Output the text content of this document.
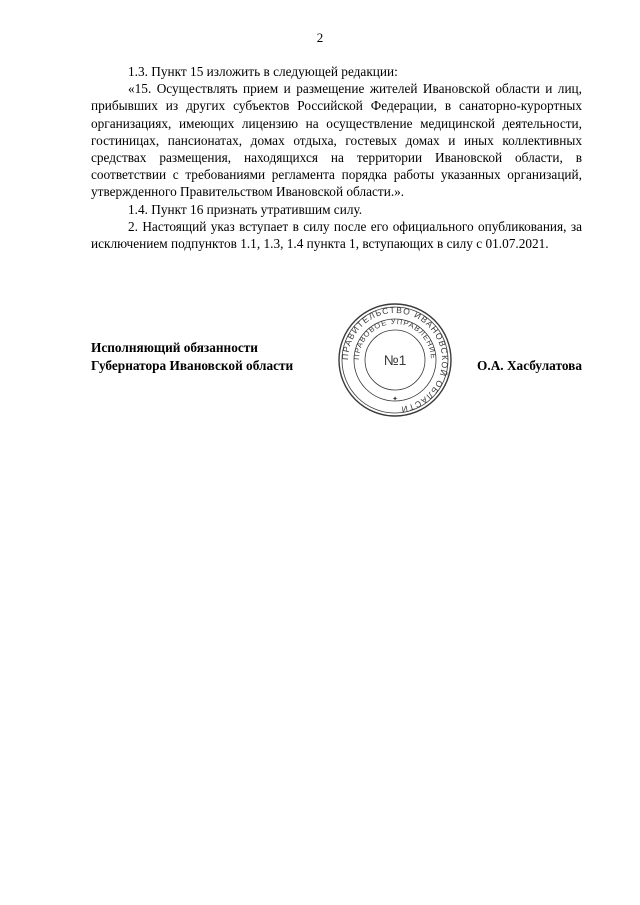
2

1.3. Пункт 15 изложить в следующей редакции:

«15. Осуществлять прием и размещение жителей Ивановской области и лиц, прибывших из других субъектов Российской Федерации, в санаторно-курортных организациях, имеющих лицензию на осуществление медицинской деятельности, гостиницах, пансионатах, домах отдыха, гостевых домах и иных коллективных средствах размещения, находящихся на территории Ивановской области, в соответствии с требованиями регламента порядка работы указанных организаций, утвержденного Правительством Ивановской области.».

1.4. Пункт 16 признать утратившим силу.

2. Настоящий указ вступает в силу после его официального опубликования, за исключением подпунктов 1.1, 1.3, 1.4 пункта 1, вступающих в силу с 01.07.2021.

Исполняющий обязанности
Губернатора Ивановской области	О.А. Хасбулатова
ПРАВИТЕЛЬСТВО ИВАНОВСКОЙ ОБЛАСТИ
ПРАВОВОЕ УПРАВЛЕНИЕ
№1
✦
